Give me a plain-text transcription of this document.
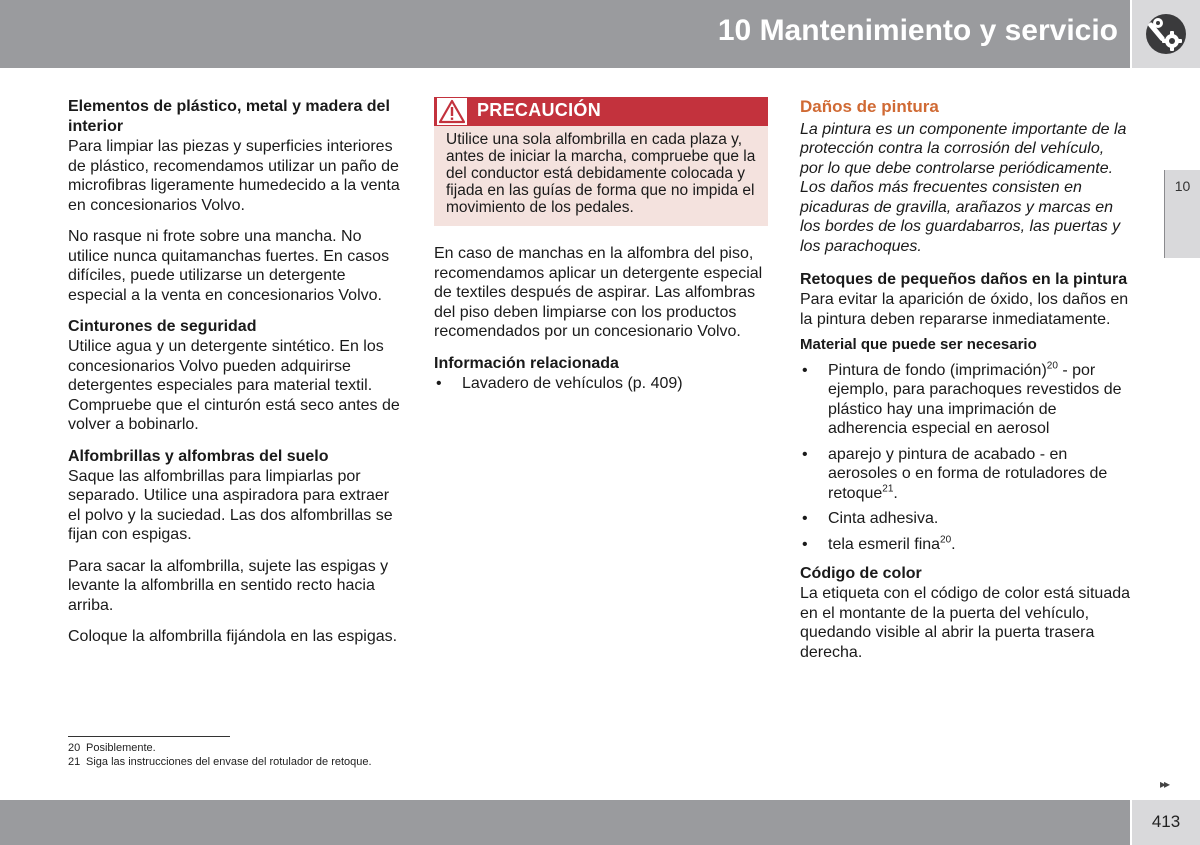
10 Mantenimiento y servicio
10
Elementos de plástico, metal y madera del interior

Para limpiar las piezas y superficies interiores de plástico, recomendamos utilizar un paño de microfibras ligeramente humedecido a la venta en concesionarios Volvo.

No rasque ni frote sobre una mancha. No utilice nunca quitamanchas fuertes. En casos difíciles, puede utilizarse un detergente especial a la venta en concesionarios Volvo.

Cinturones de seguridad

Utilice agua y un detergente sintético. En los concesionarios Volvo pueden adquirirse detergentes especiales para material textil. Compruebe que el cinturón está seco antes de volver a bobinarlo.

Alfombrillas y alfombras del suelo

Saque las alfombrillas para limpiarlas por separado. Utilice una aspiradora para extraer el polvo y la suciedad. Las dos alfombrillas se fijan con espigas.

Para sacar la alfombrilla, sujete las espigas y levante la alfombrilla en sentido recto hacia arriba.

Coloque la alfombrilla fijándola en las espigas.

PRECAUCIÓN
Utilice una sola alfombrilla en cada plaza y, antes de iniciar la marcha, compruebe que la del conductor está debidamente colocada y fijada en las guías de forma que no impida el movimiento de los pedales.

En caso de manchas en la alfombra del piso, recomendamos aplicar un detergente especial de textiles después de aspirar. Las alfombras del piso deben limpiarse con los productos recomendados por un concesionario Volvo.

Información relacionada
• Lavadero de vehículos (p. 409)
Daños de pintura

La pintura es un componente importante de la protección contra la corrosión del vehículo, por lo que debe controlarse periódicamente. Los daños más frecuentes consisten en picaduras de gravilla, arañazos y marcas en los bordes de los guardabarros, las puertas y los parachoques.

Retoques de pequeños daños en la pintura

Para evitar la aparición de óxido, los daños en la pintura deben repararse inmediatamente.

Material que puede ser necesario
• Pintura de fondo (imprimación)$^{20}$ - por ejemplo, para parachoques revestidos de plástico hay una imprimación de adherencia especial en aerosol
• aparejo y pintura de acabado - en aerosoles o en forma de rotuladores de retoque$^{21}$.
• Cinta adhesiva.
• tela esmeril fina$^{20}$.
Código de color

La etiqueta con el código de color está situada en el montante de la puerta del vehículo, quedando visible al abrir la puerta trasera derecha.

20 Posiblemente.
21 Siga las instrucciones del envase del rotulador de retoque.
▸▸
413
